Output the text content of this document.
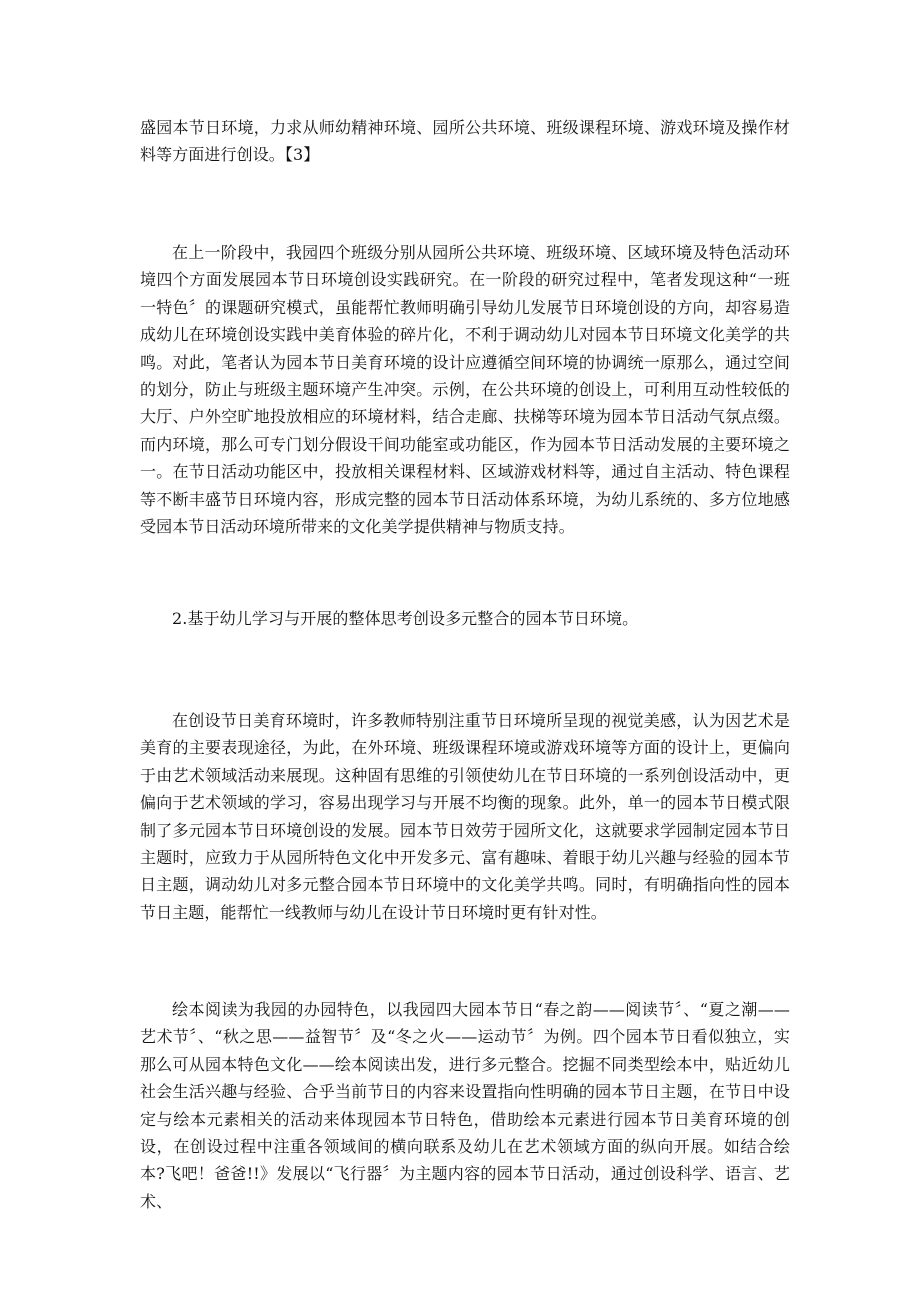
盛园本节日环境，力求从师幼精神环境、园所公共环境、班级课程环境、游戏环境及操作材料等方面进行创设。【3】

在上一阶段中，我园四个班级分别从园所公共环境、班级环境、区域环境及特色活动环境四个方面发展园本节日环境创设实践研究。在一阶段的研究过程中，笔者发现这种“一班一特色〞的课题研究模式，虽能帮忙教师明确引导幼儿发展节日环境创设的方向，却容易造成幼儿在环境创设实践中美育体验的碎片化，不利于调动幼儿对园本节日环境文化美学的共鸣。对此，笔者认为园本节日美育环境的设计应遵循空间环境的协调统一原那么，通过空间的划分，防止与班级主题环境产生冲突。示例，在公共环境的创设上，可利用互动性较低的大厅、户外空旷地投放相应的环境材料，结合走廊、扶梯等环境为园本节日活动气氛点缀。而内环境，那么可专门划分假设干间功能室或功能区，作为园本节日活动发展的主要环境之一。在节日活动功能区中，投放相关课程材料、区域游戏材料等，通过自主活动、特色课程等不断丰盛节日环境内容，形成完整的园本节日活动体系环境，为幼儿系统的、多方位地感受园本节日活动环境所带来的文化美学提供精神与物质支持。

2.基于幼儿学习与开展的整体思考创设多元整合的园本节日环境。

在创设节日美育环境时，许多教师特别注重节日环境所呈现的视觉美感，认为因艺术是美育的主要表现途径，为此，在外环境、班级课程环境或游戏环境等方面的设计上，更偏向于由艺术领域活动来展现。这种固有思维的引领使幼儿在节日环境的一系列创设活动中，更偏向于艺术领域的学习，容易出现学习与开展不均衡的现象。此外，单一的园本节日模式限制了多元园本节日环境创设的发展。园本节日效劳于园所文化，这就要求学园制定园本节日主题时，应致力于从园所特色文化中开发多元、富有趣味、着眼于幼儿兴趣与经验的园本节日主题，调动幼儿对多元整合园本节日环境中的文化美学共鸣。同时，有明确指向性的园本节日主题，能帮忙一线教师与幼儿在设计节日环境时更有针对性。

绘本阅读为我园的办园特色，以我园四大园本节日“春之韵——阅读节〞、“夏之潮——艺术节〞、“秋之思——益智节〞及“冬之火——运动节〞为例。四个园本节日看似独立，实那么可从园本特色文化——绘本阅读出发，进行多元整合。挖掘不同类型绘本中，贴近幼儿社会生活兴趣与经验、合乎当前节日的内容来设置指向性明确的园本节日主题，在节日中设定与绘本元素相关的活动来体现园本节日特色，借助绘本元素进行园本节日美育环境的创设，在创设过程中注重各领域间的横向联系及幼儿在艺术领域方面的纵向开展。如结合绘本?飞吧！爸爸!!》发展以“飞行器〞为主题内容的园本节日活动，通过创设科学、语言、艺术、
